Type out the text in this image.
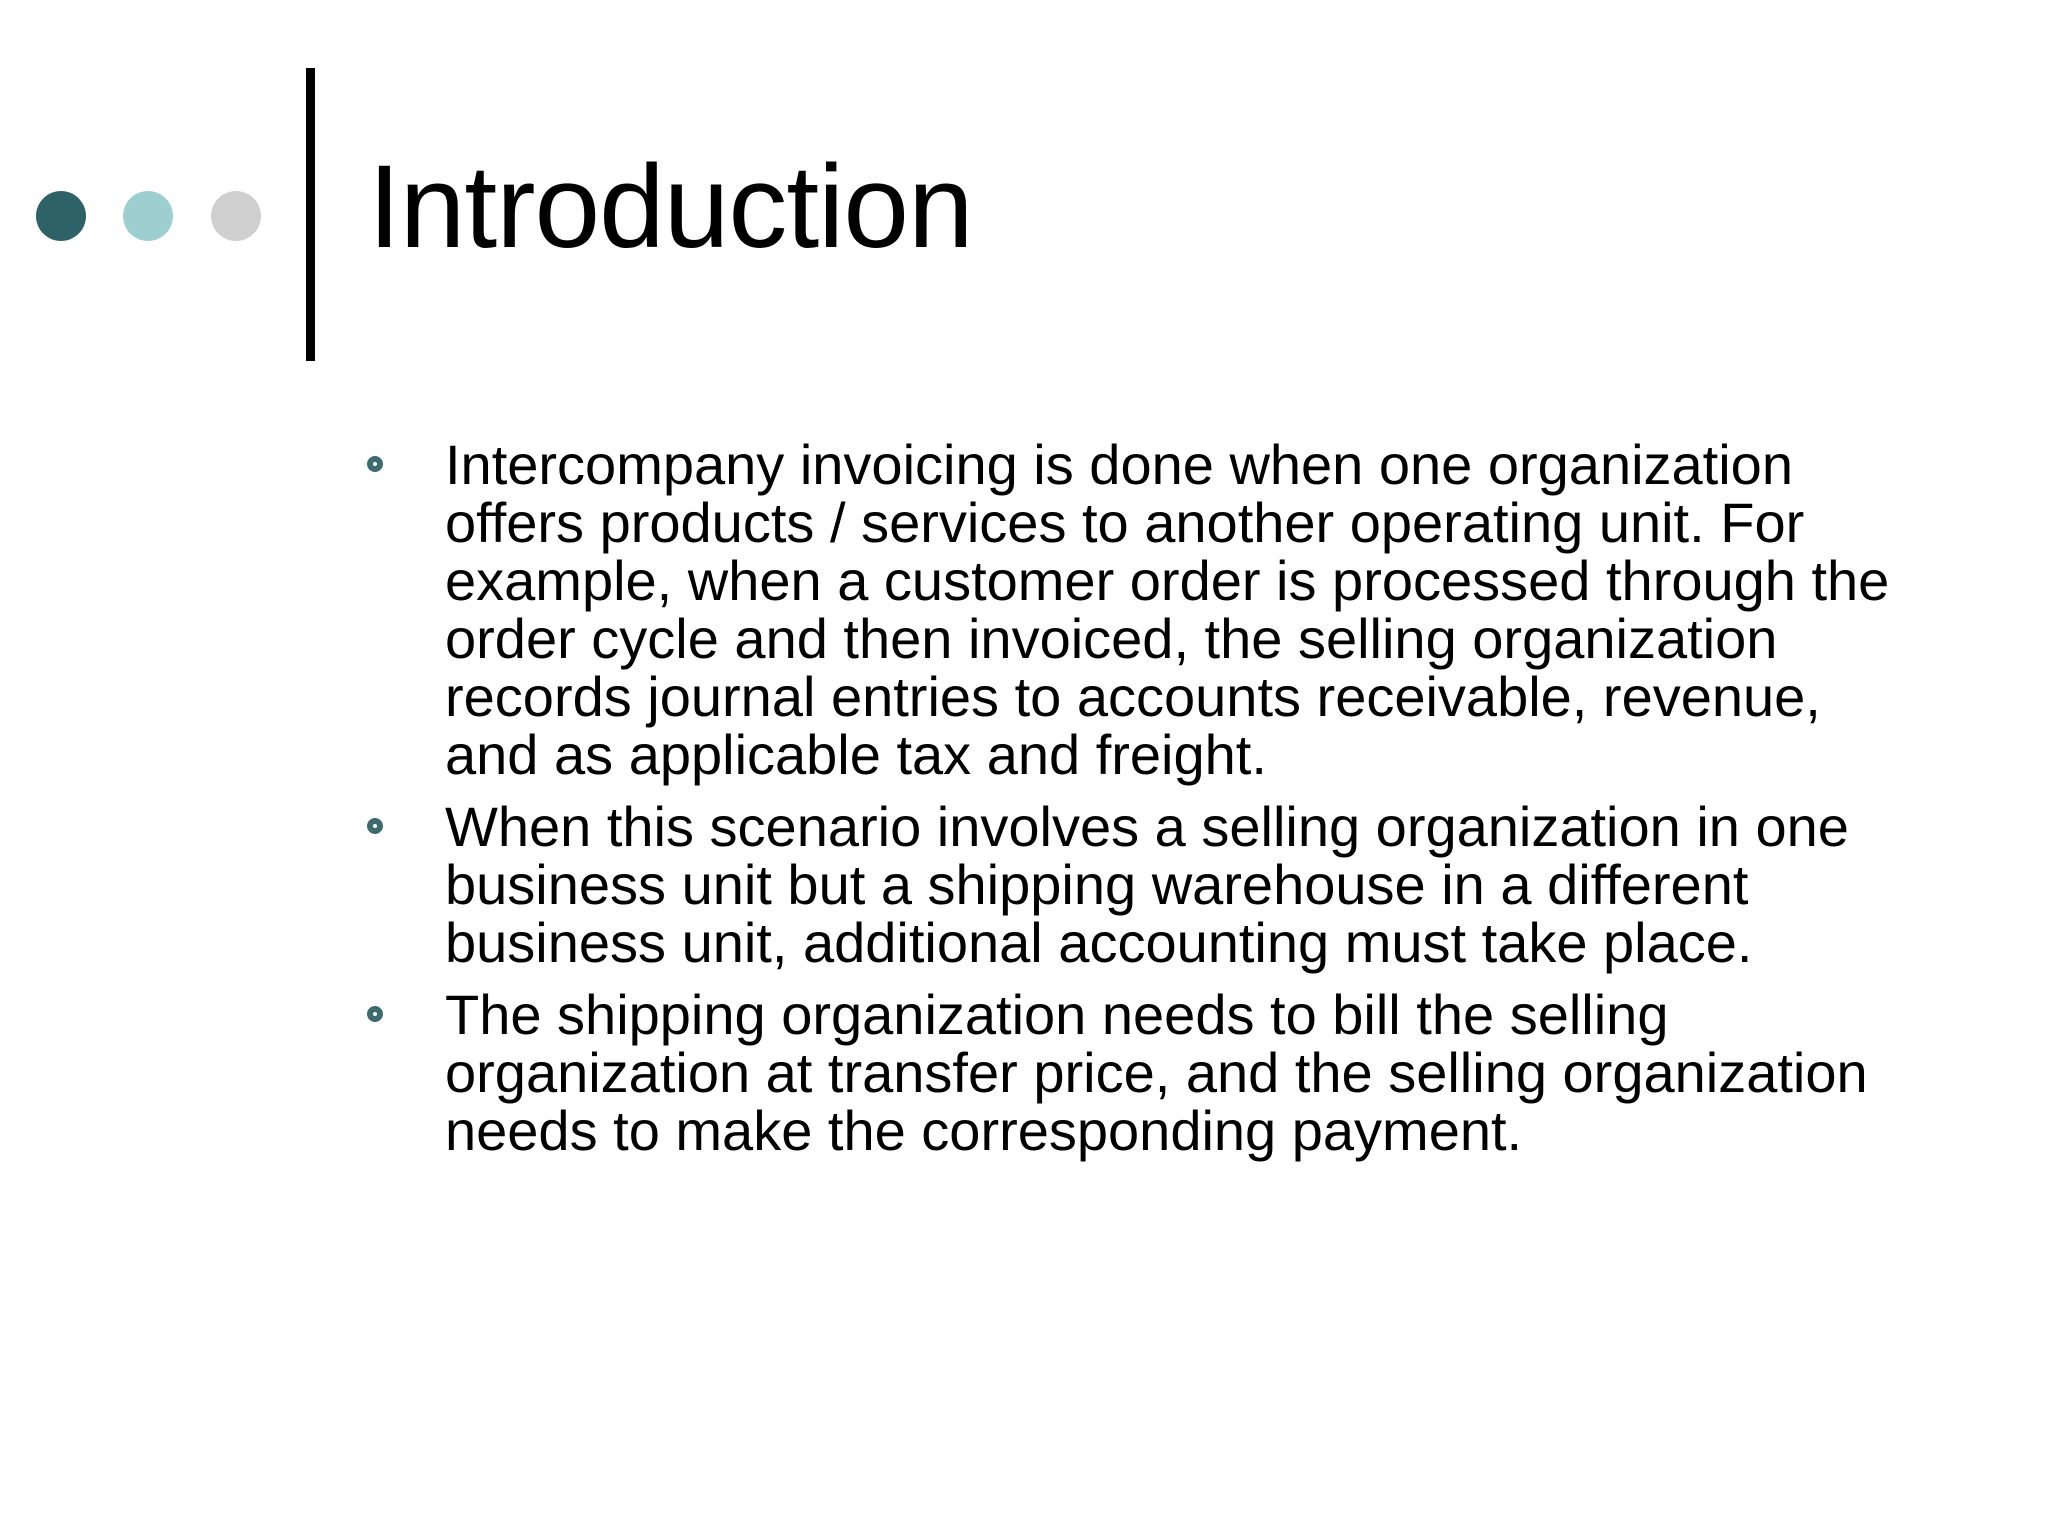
Introduction
Intercompany invoicing is done when one organization offers products / services to another operating unit. For example, when a customer order is processed through the order cycle and then invoiced, the selling organization records journal entries to accounts receivable, revenue, and as applicable tax and freight.
When this scenario involves a selling organization in one business unit but a shipping warehouse in a different business unit, additional accounting must take place.
The shipping organization needs to bill the selling organization at transfer price, and the selling organization needs to make the corresponding payment.
